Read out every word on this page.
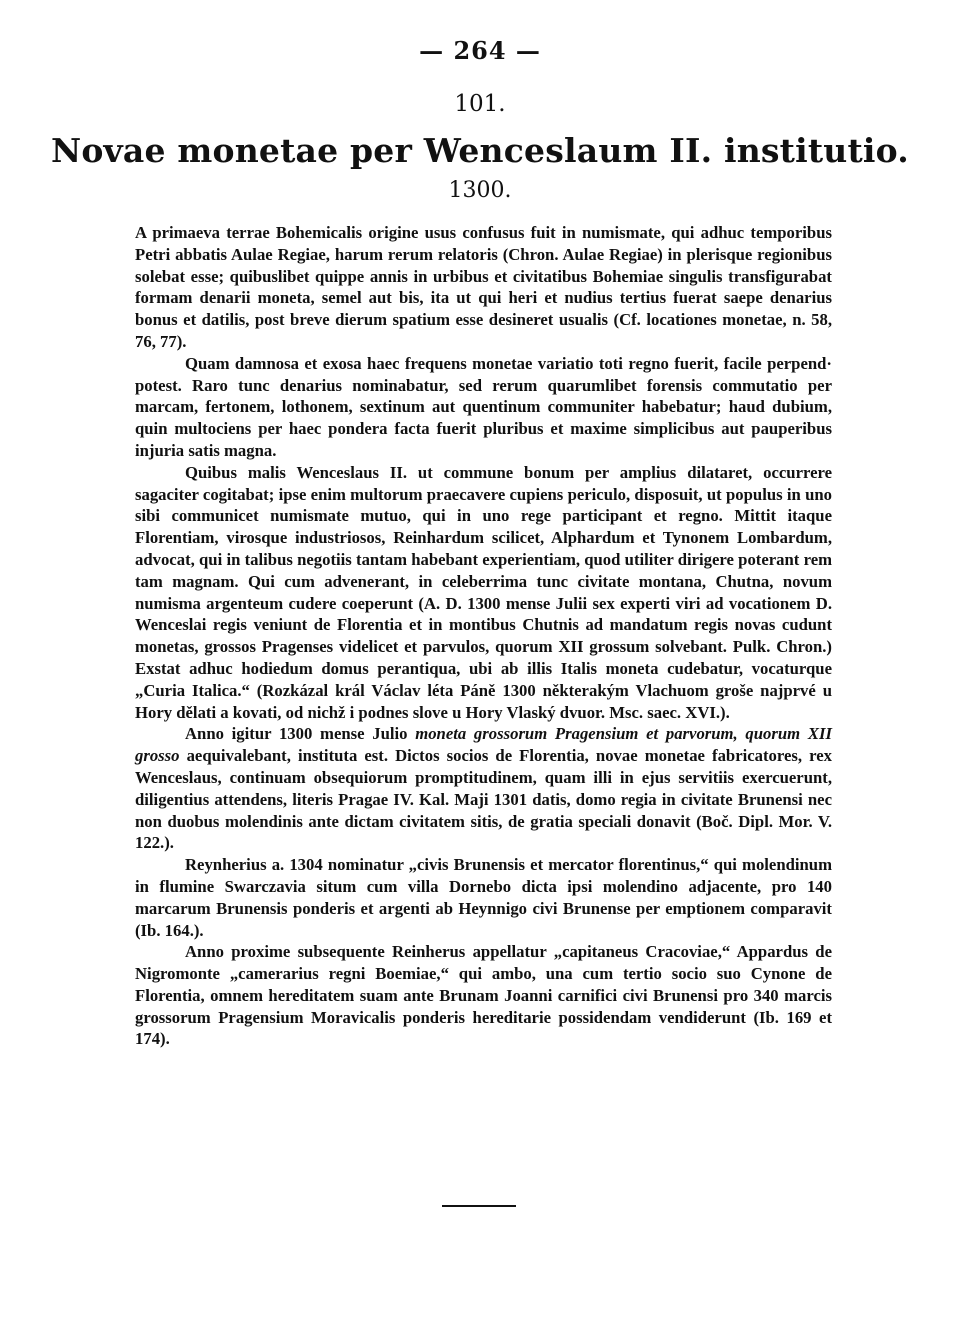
— 264 —
101.
Novae monetae per Wenceslaum II. institutio.
1300.

A primaeva terrae Bohemicalis origine usus confusus fuit in numismate, qui adhuc temporibus Petri abbatis Aulae Regiae, harum rerum relatoris (Chron. Aulae Regiae) in plerisque regionibus solebat esse; quibuslibet quippe annis in urbibus et civitatibus Bohemiae singulis transfigurabat formam denarii moneta, semel aut bis, ita ut qui heri et nudius tertius fuerat saepe denarius bonus et datilis, post breve dierum spatium esse desineret usualis (Cf. locationes monetae, n. 58, 76, 77).

Quam damnosa et exosa haec frequens monetae variatio toti regno fuerit, facile perpend· potest. Raro tunc denarius nominabatur, sed rerum quarumlibet forensis commutatio per marcam, fertonem, lothonem, sextinum aut quentinum communiter habebatur; haud dubium, quin multociens per haec pondera facta fuerit pluribus et maxime simplicibus aut pauperibus injuria satis magna.

Quibus malis Wenceslaus II. ut commune bonum per amplius dilataret, occurrere sagaciter cogitabat; ipse enim multorum praecavere cupiens periculo, disposuit, ut populus in uno sibi communicet numismate mutuo, qui in uno rege participant et regno. Mittit itaque Florentiam, virosque industriosos, Reinhardum scilicet, Alphardum et Tynonem Lombardum, advocat, qui in talibus negotiis tantam habebant experientiam, quod utiliter dirigere poterant rem tam magnam. Qui cum advenerant, in celeberrima tunc civitate montana, Chutna, novum numisma argenteum cudere coeperunt (A. D. 1300 mense Julii sex experti viri ad vocationem D. Wenceslai regis veniunt de Florentia et in montibus Chutnis ad mandatum regis novas cudunt monetas, grossos Pragenses videlicet et parvulos, quorum XII grossum solvebant. Pulk. Chron.) Exstat adhuc hodiedum domus perantiqua, ubi ab illis Italis moneta cudebatur, vocaturque „Curia Italica.“ (Rozkázal král Václav léta Páně 1300 některakým Vlachuom groše najprvé u Hory dělati a kovati, od nichž i podnes slove u Hory Vlaský dvuor. Msc. saec. XVI.).

Anno igitur 1300 mense Julio moneta grossorum Pragensium et parvorum, quorum XII grosso aequivalebant, instituta est. Dictos socios de Florentia, novae monetae fabricatores, rex Wenceslaus, continuam obsequiorum promptitudinem, quam illi in ejus servitiis exercuerunt, diligentius attendens, literis Pragae IV. Kal. Maji 1301 datis, domo regia in civitate Brunensi nec non duobus molendinis ante dictam civitatem sitis, de gratia speciali donavit (Boč. Dipl. Mor. V. 122.).

Reynherius a. 1304 nominatur „civis Brunensis et mercator florentinus,“ qui molendinum in flumine Swarczavia situm cum villa Dornebo dicta ipsi molendino adjacente, pro 140 marcarum Brunensis ponderis et argenti ab Heynnigo civi Brunense per emptionem comparavit (Ib. 164.).

Anno proxime subsequente Reinherus appellatur „capitaneus Cracoviae,“ Appardus de Nigromonte „camerarius regni Boemiae,“ qui ambo, una cum tertio socio suo Cynone de Florentia, omnem hereditatem suam ante Brunam Joanni carnifici civi Brunensi pro 340 marcis grossorum Pragensium Moravicalis ponderis hereditarie possidendam vendiderunt (Ib. 169 et 174).
